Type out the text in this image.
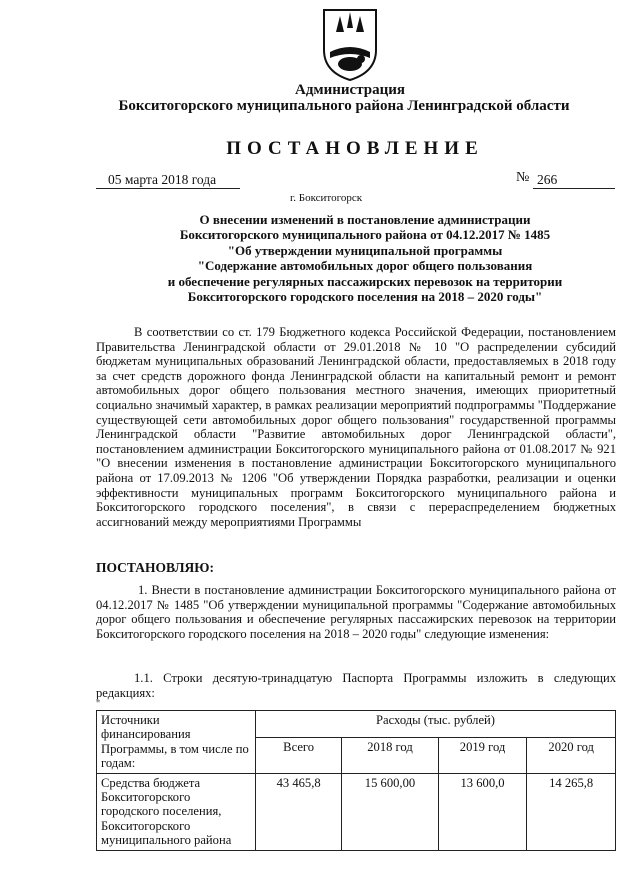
Администрация
Бокситогорского муниципального района Ленинградской области
ПОСТАНОВЛЕНИЕ
05 марта 2018 года	№ 266
г. Бокситогорск
О внесении изменений в постановление администрации
Бокситогорского муниципального района от 04.12.2017 № 1485
"Об утверждении муниципальной программы
"Содержание автомобильных дорог общего пользования
и обеспечение регулярных пассажирских перевозок на территории
Бокситогорского городского поселения на 2018 – 2020 годы"
В соответствии со ст. 179 Бюджетного кодекса Российской Федерации, постановлением Правительства Ленинградской области от 29.01.2018 № 10 "О распределении субсидий бюджетам муниципальных образований Ленинградской области, предоставляемых в 2018 году за счет средств дорожного фонда Ленинградской области на капитальный ремонт и ремонт автомобильных дорог общего пользования местного значения, имеющих приоритетный социально значимый характер, в рамках реализации мероприятий подпрограммы "Поддержание существующей сети автомобильных дорог общего пользования" государственной программы Ленинградской области "Развитие автомобильных дорог Ленинградской области", постановлением администрации Бокситогорского муниципального района от 01.08.2017 № 921 "О внесении изменения в постановление администрации Бокситогорского муниципального района от 17.09.2013 № 1206 "Об утверждении Порядка разработки, реализации и оценки эффективности муниципальных программ Бокситогорского муниципального района и Бокситогорского городского поселения", в связи с перераспределением бюджетных ассигнований между мероприятиями Программы
ПОСТАНОВЛЯЮ:
1. Внести в постановление администрации Бокситогорского муниципального района от 04.12.2017 № 1485 "Об утверждении муниципальной программы "Содержание автомобильных дорог общего пользования и обеспечение регулярных пассажирских перевозок на территории Бокситогорского городского поселения на 2018 – 2020 годы" следующие изменения:
1.1. Строки десятую-тринадцатую Паспорта Программы изложить в следующих редакциях:
"
Источники финансирования Программы, в том числе по годам:	Расходы (тыс. рублей)			
	Всего	2018 год	2019 год	2020 год
Средства бюджета Бокситогорского городского поселения, Бокситогорского муниципального района	43 465,8	15 600,00	13 600,0	14 265,8
